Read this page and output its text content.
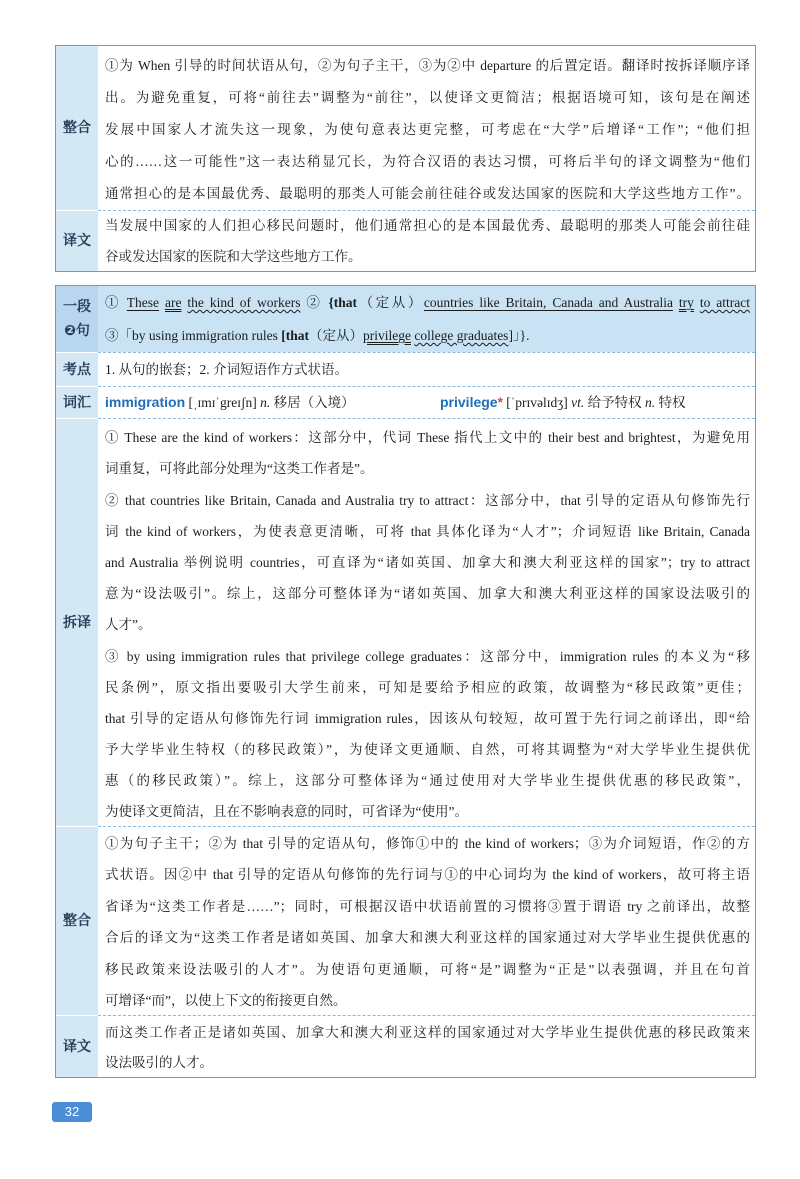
整合
①为 When 引导的时间状语从句，②为句子主干，③为②中 departure 的后置定语。翻译时按拆译顺序译
出。为避免重复，可将“前往去”调整为“前往”，以使译文更简洁；根据语境可知，该句是在阐述
发展中国家人才流失这一现象，为使句意表达更完整，可考虑在“大学”后增译“工作”；“他们担
心的……这一可能性”这一表达稍显冗长，为符合汉语的表达习惯，可将后半句的译文调整为“他们
通常担心的是本国最优秀、最聪明的那类人可能会前往硅谷或发达国家的医院和大学这些地方工作”。
译文
当发展中国家的人们担心移民问题时，他们通常担心的是本国最优秀、最聪明的那类人可能会前往硅
谷或发达国家的医院和大学这些地方工作。
一段
❷句
① These are the kind of workers ② {that（定从）countries like Britain, Canada and Australia try to attract
③「by using immigration rules [that（定从）privilege college graduates]」}.
考点 1. 从句的嵌套；2. 介词短语作方式状语。
词汇	immigration [ˌɪmɪˈgreɪʃn] n. 移居（入境）	privilege* [ˈprɪvəlɪdʒ] vt. 给予特权 n. 特权
拆译
① These are the kind of workers：这部分中，代词 These 指代上文中的 their best and brightest，为避免用
词重复，可将此部分处理为“这类工作者是”。
② that countries like Britain, Canada and Australia try to attract：这部分中，that 引导的定语从句修饰先行
词 the kind of workers，为使表意更清晰，可将 that 具体化译为“人才”；介词短语 like Britain, Canada
and Australia 举例说明 countries，可直译为“诸如英国、加拿大和澳大利亚这样的国家”；try to attract
意为“设法吸引”。综上，这部分可整体译为“诸如英国、加拿大和澳大利亚这样的国家设法吸引的
人才”。
③ by using immigration rules that privilege college graduates：这部分中，immigration rules 的本义为“移
民条例”，原文指出要吸引大学生前来，可知是要给予相应的政策，故调整为“移民政策”更佳；
that 引导的定语从句修饰先行词 immigration rules，因该从句较短，故可置于先行词之前译出，即“给
予大学毕业生特权（的移民政策）”，为使译文更通顺、自然，可将其调整为“对大学毕业生提供优
惠（的移民政策）”。综上，这部分可整体译为“通过使用对大学毕业生提供优惠的移民政策”，
为使译文更简洁，且在不影响表意的同时，可省译为“使用”。
整合
①为句子主干；②为 that 引导的定语从句，修饰①中的 the kind of workers；③为介词短语，作②的方
式状语。因②中 that 引导的定语从句修饰的先行词与①的中心词均为 the kind of workers，故可将主语
省译为“这类工作者是……”；同时，可根据汉语中状语前置的习惯将③置于谓语 try 之前译出，故整
合后的译文为“这类工作者是诸如英国、加拿大和澳大利亚这样的国家通过对大学毕业生提供优惠的
移民政策来设法吸引的人才”。为使语句更通顺，可将“是”调整为“正是”以表强调，并且在句首
可增译“而”，以使上下文的衔接更自然。
译文
而这类工作者正是诸如英国、加拿大和澳大利亚这样的国家通过对大学毕业生提供优惠的移民政策来
设法吸引的人才。
32
